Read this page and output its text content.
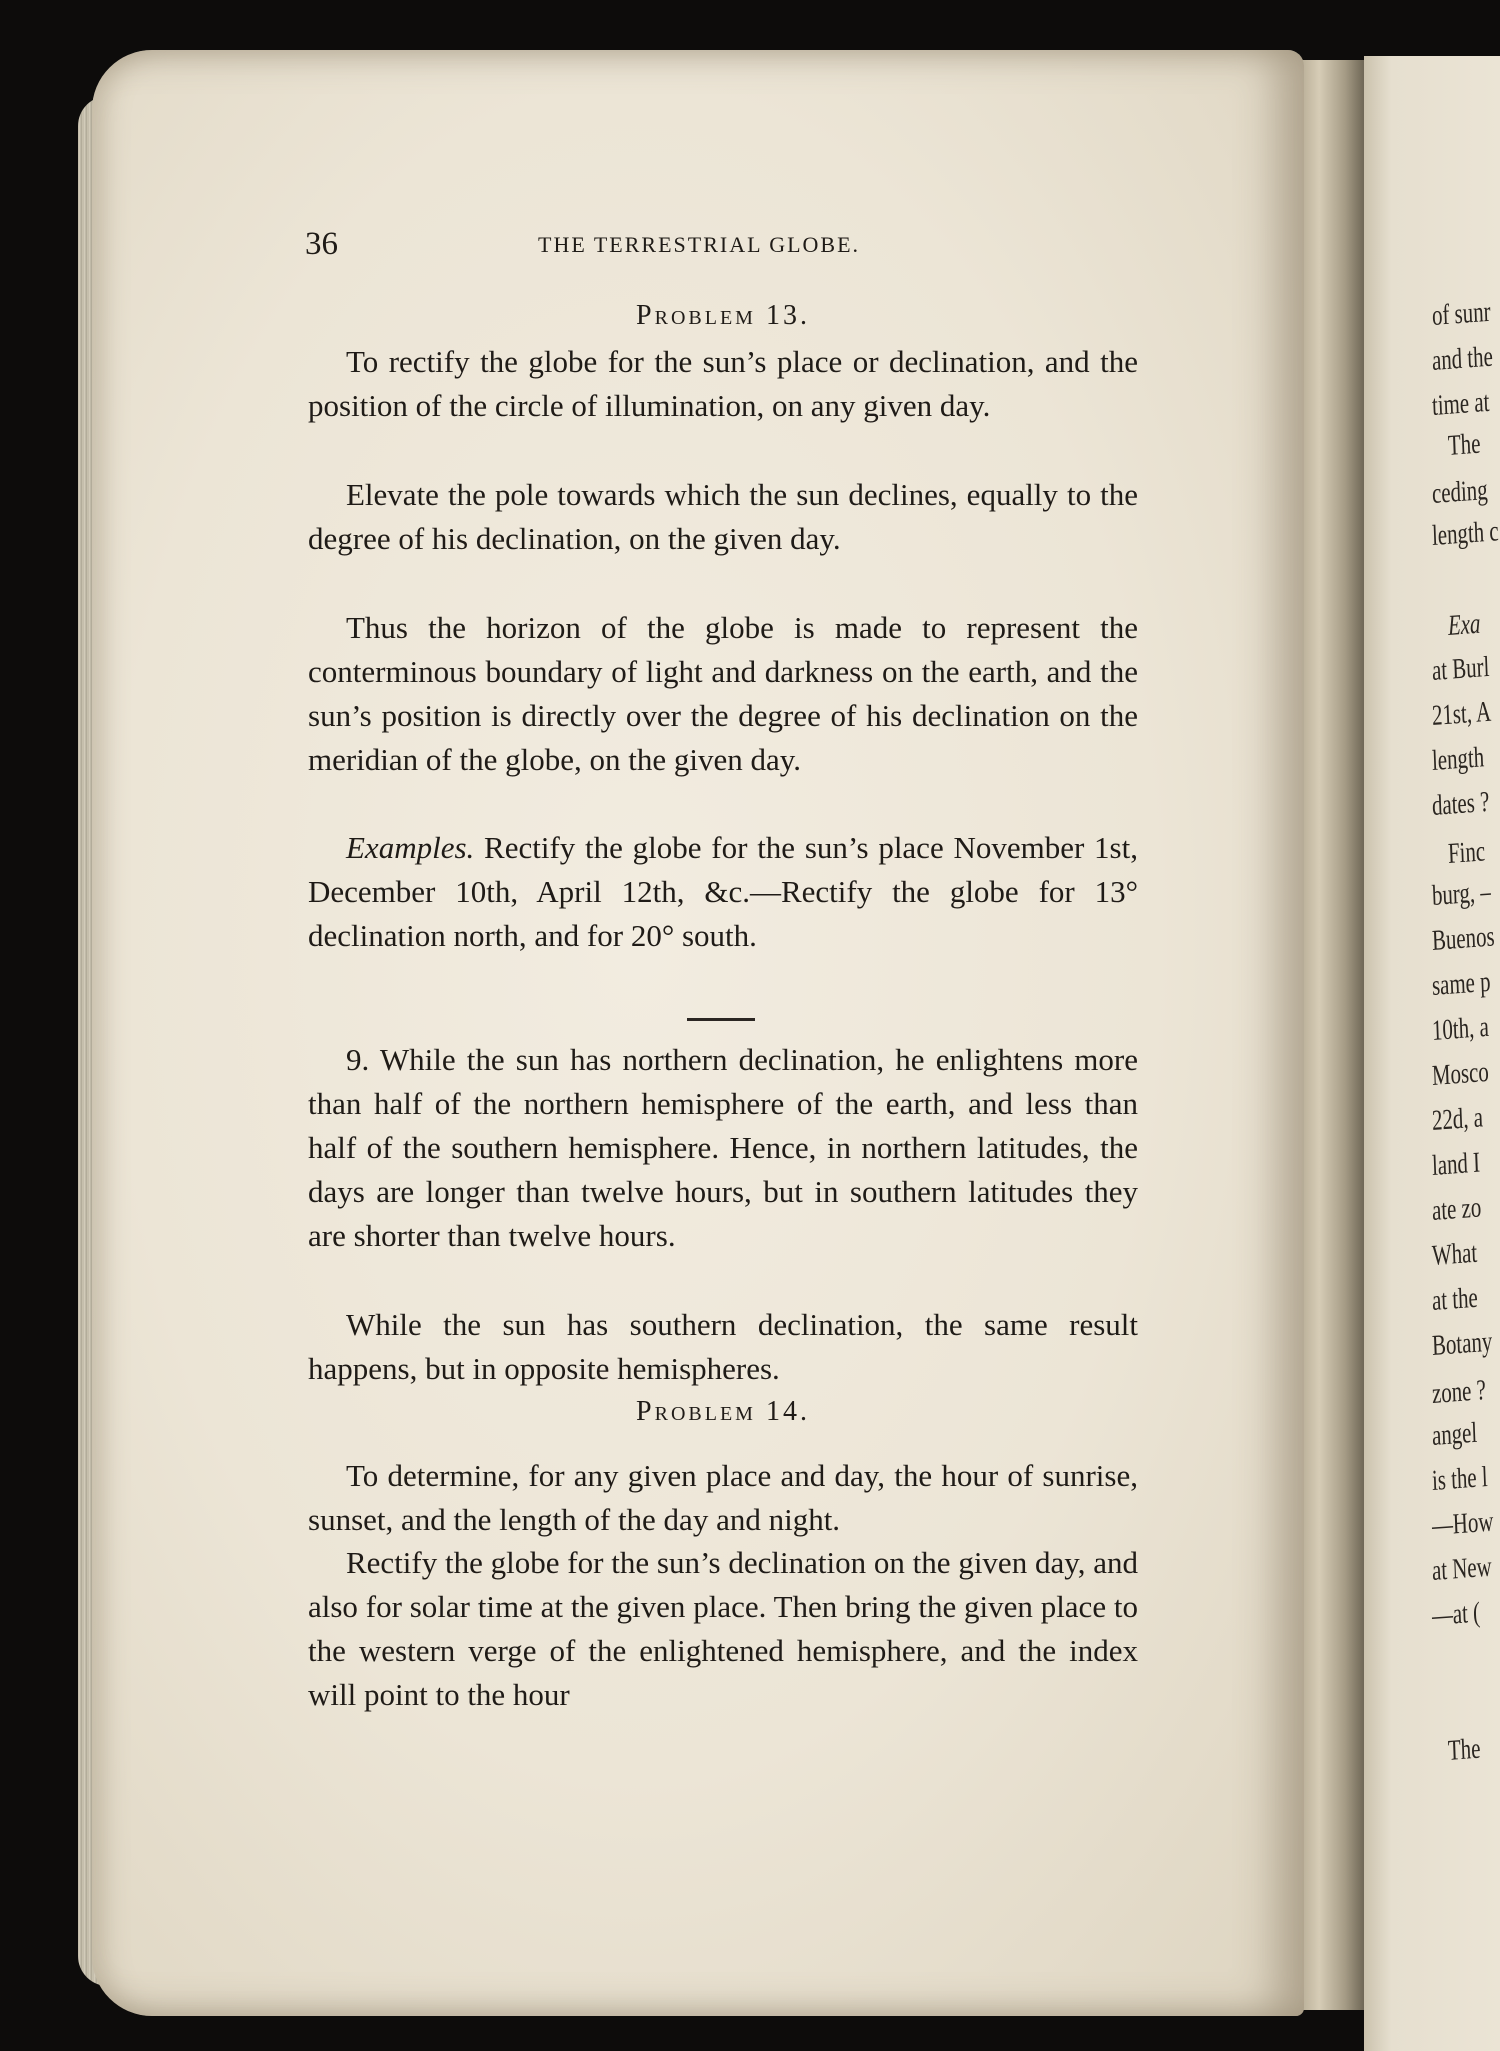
36	THE TERRESTRIAL GLOBE.
Problem 13.
To rectify the globe for the sun’s place or declination, and the position of the circle of illumination, on any given day.
Elevate the pole towards which the sun declines, equally to the degree of his declination, on the given day.
Thus the horizon of the globe is made to represent the conterminous boundary of light and darkness on the earth, and the sun’s position is directly over the degree of his declination on the meridian of the globe, on the given day.
Examples. Rectify the globe for the sun’s place November 1st, December 10th, April 12th, &c.—Rectify the globe for 13° declination north, and for 20° south.
9. While the sun has northern declination, he enlightens more than half of the northern hemisphere of the earth, and less than half of the southern hemisphere. Hence, in northern latitudes, the days are longer than twelve hours, but in southern latitudes they are shorter than twelve hours.
While the sun has southern declination, the same result happens, but in opposite hemispheres.
Problem 14.
To determine, for any given place and day, the hour of sunrise, sunset, and the length of the day and night.
Rectify the globe for the sun’s declination on the given day, and also for solar time at the given place. Then bring the given place to the western verge of the enlightened hemisphere, and the index will point to the hour
of sunr
and the
time at
The
ceding
length c
Exa
at Burl
21st, A
length
dates ?
Finc
burg, –
Buenos
same p
10th, a
Mosco
22d, a
land I
ate zo
What
at the
Botany
zone ?
angel
is the l
—How
at New
—at (
The
